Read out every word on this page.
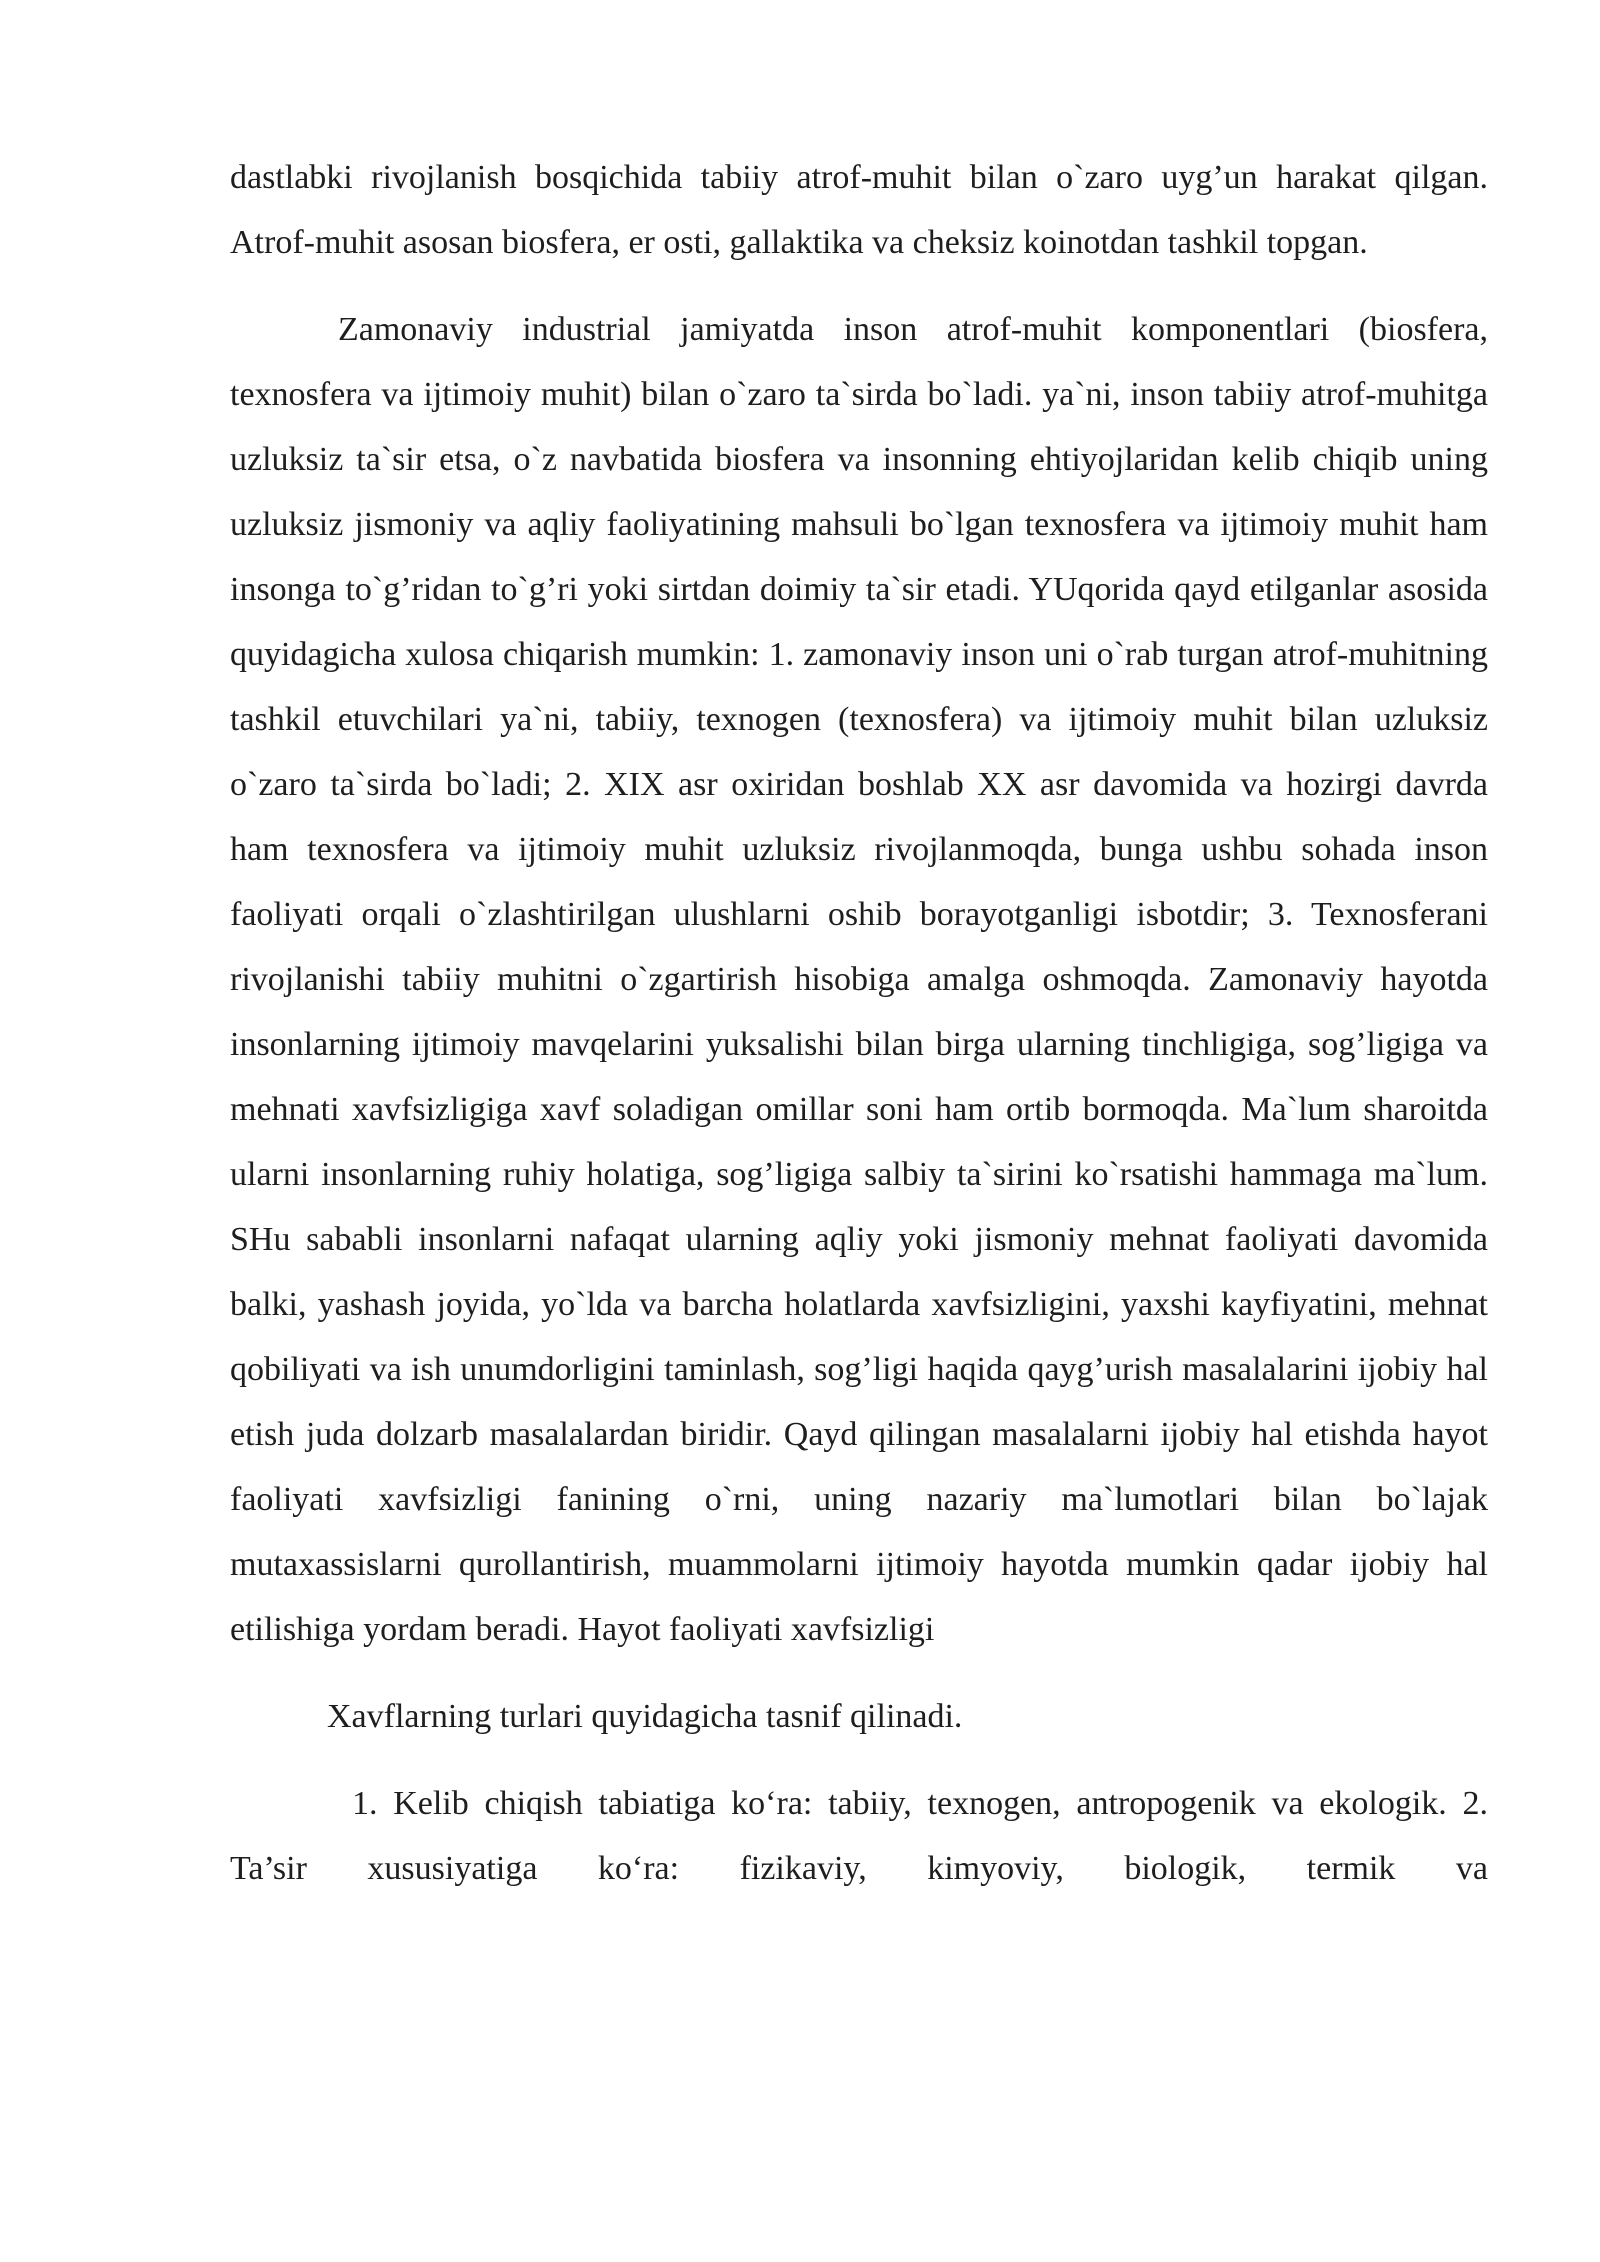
dastlabki rivojlanish bosqichida tabiiy atrof-muhit bilan o`zaro uyg’un harakat qilgan. Atrof-muhit asosan biosfera, er osti, gallaktika va cheksiz koinotdan tashkil topgan.

Zamonaviy industrial jamiyatda inson atrof-muhit komponentlari (biosfera, texnosfera va ijtimoiy muhit) bilan o`zaro ta`sirda bo`ladi. ya`ni, inson tabiiy atrof-muhitga uzluksiz ta`sir etsa, o`z navbatida biosfera va insonning ehtiyojlaridan kelib chiqib uning uzluksiz jismoniy va aqliy faoliyatining mahsuli bo`lgan texnosfera va ijtimoiy muhit ham insonga to`g’ridan to`g’ri yoki sirtdan doimiy ta`sir etadi. YUqorida qayd etilganlar asosida quyidagicha xulosa chiqarish mumkin: 1. zamonaviy inson uni o`rab turgan atrof-muhitning tashkil etuvchilari ya`ni, tabiiy, texnogen (texnosfera) va ijtimoiy muhit bilan uzluksiz o`zaro ta`sirda bo`ladi; 2. XIX asr oxiridan boshlab XX asr davomida va hozirgi davrda ham texnosfera va ijtimoiy muhit uzluksiz rivojlanmoqda, bunga ushbu sohada inson faoliyati orqali o`zlashtirilgan ulushlarni oshib borayotganligi isbotdir; 3. Texnosferani rivojlanishi tabiiy muhitni o`zgartirish hisobiga amalga oshmoqda. Zamonaviy hayotda insonlarning ijtimoiy mavqelarini yuksalishi bilan birga ularning tinchligiga, sog’ligiga va mehnati xavfsizligiga xavf soladigan omillar soni ham ortib bormoqda. Ma`lum sharoitda ularni insonlarning ruhiy holatiga, sog’ligiga salbiy ta`sirini ko`rsatishi hammaga ma`lum. SHu sababli insonlarni nafaqat ularning aqliy yoki jismoniy mehnat faoliyati davomida balki, yashash joyida, yo`lda va barcha holatlarda xavfsizligini, yaxshi kayfiyatini, mehnat qobiliyati va ish unumdorligini taminlash, sog’ligi haqida qayg’urish masalalarini ijobiy hal etish juda dolzarb masalalardan biridir. Qayd qilingan masalalarni ijobiy hal etishda hayot faoliyati xavfsizligi fanining o`rni, uning nazariy ma`lumotlari bilan bo`lajak mutaxassislarni qurollantirish, muammolarni ijtimoiy hayotda mumkin qadar ijobiy hal etilishiga yordam beradi. Hayot faoliyati xavfsizligi

Xavflarning turlari quyidagicha tasnif qilinadi.

1. Kelib chiqish tabiatiga ko‘ra: tabiiy, texnogen, antropogenik va ekologik. 2. Ta’sir xususiyatiga ko‘ra: fizikaviy, kimyoviy, biologik, termik va
